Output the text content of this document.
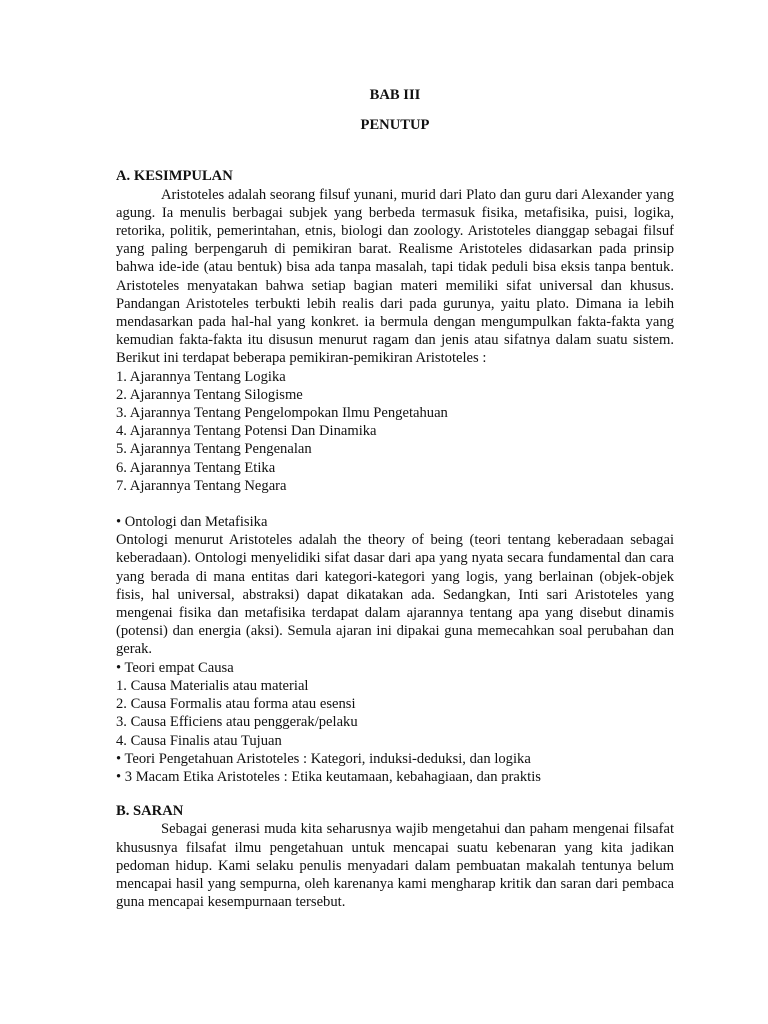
BAB III

PENUTUP

A. KESIMPULAN

Aristoteles adalah seorang filsuf yunani, murid dari Plato dan guru dari Alexander yang agung. Ia menulis berbagai subjek yang berbeda termasuk fisika, metafisika, puisi, logika, retorika, politik, pemerintahan, etnis, biologi dan zoology. Aristoteles dianggap sebagai filsuf yang paling berpengaruh di pemikiran barat. Realisme Aristoteles didasarkan pada prinsip bahwa ide-ide (atau bentuk) bisa ada tanpa masalah, tapi tidak peduli bisa eksis tanpa bentuk. Aristoteles menyatakan bahwa setiap bagian materi memiliki sifat universal dan khusus. Pandangan Aristoteles terbukti lebih realis dari pada gurunya, yaitu plato. Dimana ia lebih mendasarkan pada hal-hal yang konkret. ia bermula dengan mengumpulkan fakta-fakta yang kemudian fakta-fakta itu disusun menurut ragam dan jenis atau sifatnya dalam suatu sistem. Berikut ini terdapat beberapa pemikiran-pemikiran Aristoteles :

1. Ajarannya Tentang Logika
2. Ajarannya Tentang Silogisme
3. Ajarannya Tentang Pengelompokan Ilmu Pengetahuan
4. Ajarannya Tentang Potensi Dan Dinamika
5. Ajarannya Tentang Pengenalan
6. Ajarannya Tentang Etika
7. Ajarannya Tentang Negara

• Ontologi dan Metafisika

Ontologi menurut Aristoteles adalah the theory of being (teori tentang keberadaan sebagai keberadaan). Ontologi menyelidiki sifat dasar dari apa yang nyata secara fundamental dan cara yang berada di mana entitas dari kategori-kategori yang logis, yang berlainan (objek-objek fisis, hal universal, abstraksi) dapat dikatakan ada. Sedangkan, Inti sari Aristoteles yang mengenai fisika dan metafisika terdapat dalam ajarannya tentang apa yang disebut dinamis (potensi) dan energia (aksi). Semula ajaran ini dipakai guna memecahkan soal perubahan dan gerak.

• Teori empat Causa

1. Causa Materialis atau material
2. Causa Formalis atau forma atau esensi
3. Causa Efficiens atau penggerak/pelaku
4. Causa Finalis atau Tujuan

• Teori Pengetahuan Aristoteles : Kategori, induksi-deduksi, dan logika

• 3 Macam Etika Aristoteles : Etika keutamaan, kebahagiaan, dan praktis

B. SARAN

Sebagai generasi muda kita seharusnya wajib mengetahui dan paham mengenai filsafat khususnya filsafat ilmu pengetahuan untuk mencapai suatu kebenaran yang kita jadikan pedoman hidup. Kami selaku penulis menyadari dalam pembuatan makalah tentunya belum mencapai hasil yang sempurna, oleh karenanya kami mengharap kritik dan saran dari pembaca guna mencapai kesempurnaan tersebut.
